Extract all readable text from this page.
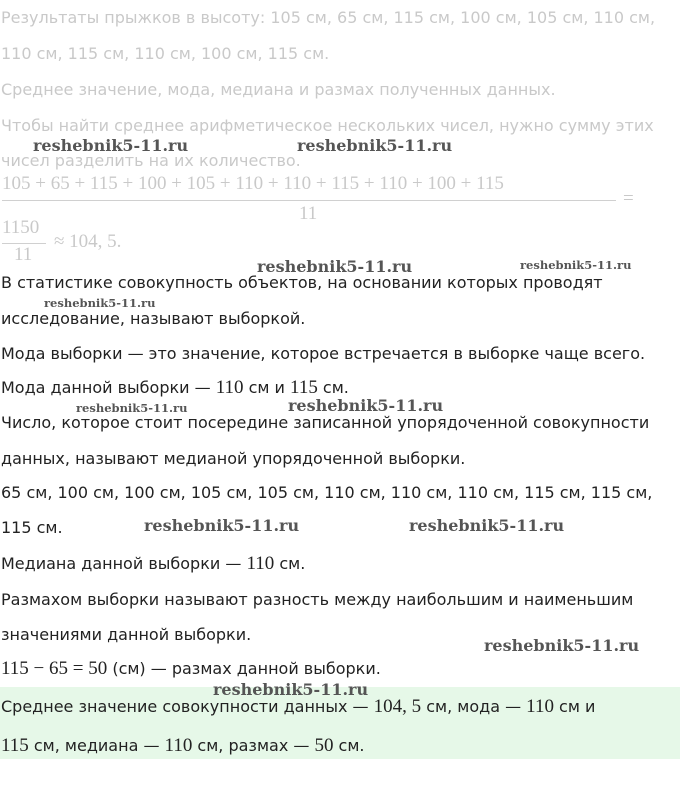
Результаты прыжков в высоту: 105 см, 65 см, 115 см, 100 см, 105 см, 110 см,
110 см, 115 см, 110 см, 100 см, 115 см.
Среднее значение, мода, медиана и размах полученных данных.
Чтобы найти среднее арифметическое нескольких чисел, нужно сумму этих
чисел разделить на их количество.
105 + 65 + 115 + 100 + 105 + 110 + 110 + 115 + 110 + 100 + 115
11
=
1150
11
≈ 104, 5.
В статистике совокупность объектов, на основании которых проводят
исследование, называют выборкой.
Мода выборки — это значение, которое встречается в выборке чаще всего.
Мода данной выборки — 110 см и 115 см.
Число, которое стоит посередине записанной упорядоченной совокупности
данных, называют медианой упорядоченной выборки.
65 см, 100 см, 100 см, 105 см, 105 см, 110 см, 110 см, 110 см, 115 см, 115 см,
115 см.
Медиана данной выборки — 110 см.
Размахом выборки называют разность между наибольшим и наименьшим
значениями данной выборки.
115 − 65 = 50 (см) — размах данной выборки.
Среднее значение совокупности данных — 104, 5 см, мода — 110 см и
115 см, медиана — 110 см, размах — 50 см.
reshebnik5-11.ru	reshebnik5-11.ru
reshebnik5-11.ru	reshebnik5-11.ru
reshebnik5-11.ru
reshebnik5-11.ru	reshebnik5-11.ru
reshebnik5-11.ru	reshebnik5-11.ru
reshebnik5-11.ru
reshebnik5-11.ru
